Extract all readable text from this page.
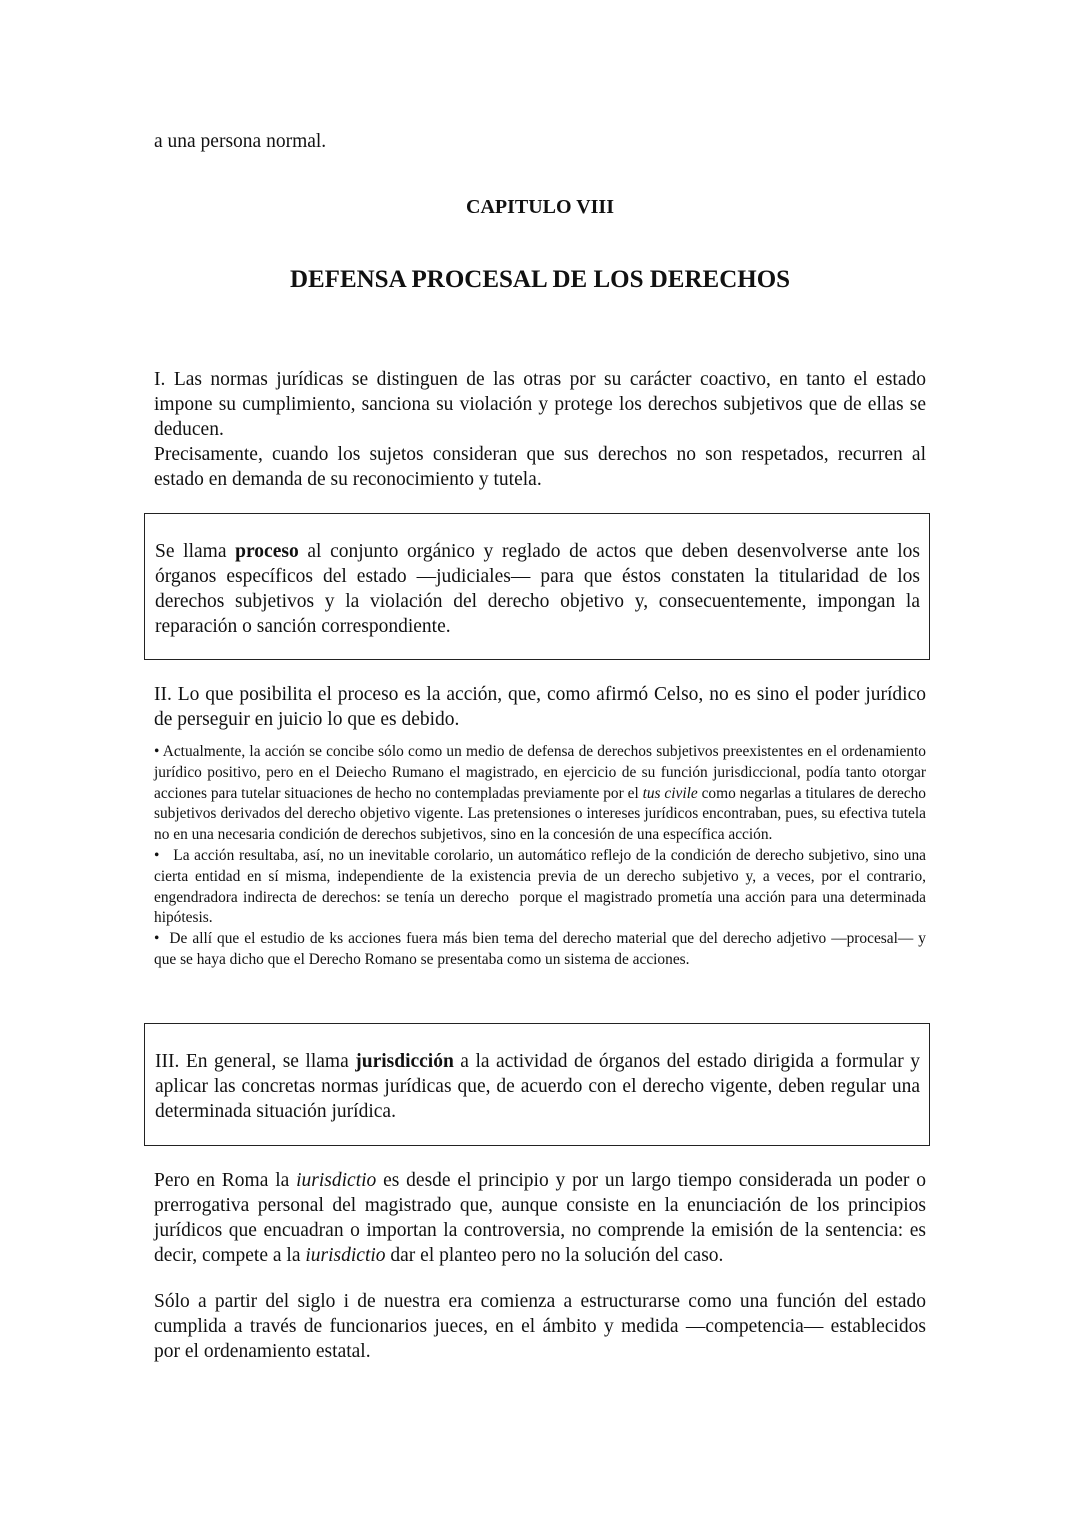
a una persona normal.

CAPITULO VIII
DEFENSA PROCESAL DE LOS DERECHOS

I. Las normas jurídicas se distinguen de las otras por su carácter coactivo, en tanto el estado impone su cumplimiento, sanciona su violación y protege los derechos subjetivos que de ellas se deducen.

Precisamente, cuando los sujetos consideran que sus derechos no son respetados, recurren al estado en demanda de su reconocimiento y tutela.

Se llama proceso al conjunto orgánico y reglado de actos que deben desenvolverse ante los órganos específicos del estado —judiciales— para que éstos constaten la titularidad de los derechos subjetivos y la violación del derecho objetivo y, consecuentemente, impongan la reparación o sanción correspondiente.

II. Lo que posibilita el proceso es la acción, que, como afirmó Celso, no es sino el poder jurídico de perseguir en juicio lo que es debido.

• Actualmente, la acción se concibe sólo como un medio de defensa de derechos subjetivos preexistentes en el ordenamiento jurídico positivo, pero en el Deiecho Rumano el magistrado, en ejercicio de su función jurisdiccional, podía tanto otorgar acciones para tutelar situaciones de hecho no contempladas previamente por el tus civile como negarlas a titulares de derecho subjetivos derivados del derecho objetivo vigente. Las pretensiones o intereses jurídicos encontraban, pues, su efectiva tutela no en una necesaria condición de derechos subjetivos, sino en la concesión de una específica acción.

•   La acción resultaba, así, no un inevitable corolario, un automático reflejo de la condición de derecho subjetivo, sino una cierta entidad en sí misma, independiente de la existencia previa de un derecho subjetivo y, a veces, por el contrario, engendradora indirecta de derechos: se tenía un derecho  porque el magistrado prometía una acción para una determinada hipótesis.

•  De allí que el estudio de ks acciones fuera más bien tema del derecho material que del derecho adjetivo —procesal— y que se haya dicho que el Derecho Romano se presentaba como un sistema de acciones.

III. En general, se llama jurisdicción a la actividad de órganos del estado dirigida a formular y aplicar las concretas normas jurídicas que, de acuerdo con el derecho vigente, deben regular una determinada situación jurídica.

Pero en Roma la iurisdictio es desde el principio y por un largo tiempo considerada un poder o prerrogativa personal del magistrado que, aunque consiste en la enunciación de los principios jurídicos que encuadran o importan la controversia, no comprende la emisión de la sentencia: es decir, compete a la iurisdictio dar el planteo pero no la solución del caso.

Sólo a partir del siglo i de nuestra era comienza a estructurarse como una función del estado cumplida a través de funcionarios jueces, en el ámbito y medida —competencia— establecidos por el ordenamiento estatal.
